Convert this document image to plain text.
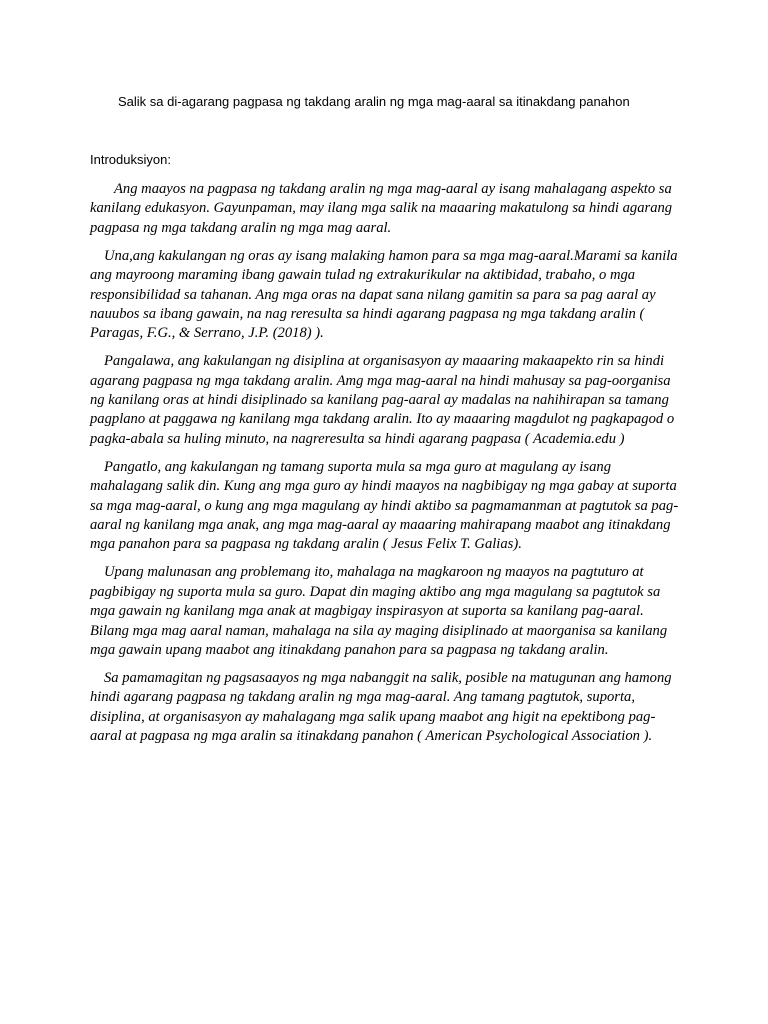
Salik sa di-agarang pagpasa ng takdang aralin ng mga mag-aaral sa itinakdang panahon
Introduksiyon:

Ang maayos na pagpasa ng takdang aralin ng mga mag-aaral ay isang mahalagang aspekto sa kanilang edukasyon. Gayunpaman, may ilang mga salik na maaaring makatulong sa hindi agarang pagpasa ng mga takdang aralin ng mga mag aaral.

Una,ang kakulangan ng oras ay isang malaking hamon para sa mga mag-aaral.Marami sa kanila ang mayroong maraming ibang gawain tulad ng extrakurikular na aktibidad, trabaho, o mga responsibilidad sa tahanan. Ang mga oras na dapat sana nilang gamitin sa para sa pag aaral ay nauubos sa ibang gawain, na nag reresulta sa hindi agarang pagpasa ng mga takdang aralin ( Paragas, F.G., & Serrano, J.P. (2018) ).

Pangalawa, ang kakulangan ng disiplina at organisasyon ay maaaring makaapekto rin sa hindi agarang pagpasa ng mga takdang aralin. Amg mga mag-aaral na hindi mahusay sa pag-oorganisa ng kanilang oras at hindi disiplinado sa kanilang pag-aaral ay madalas na nahihirapan sa tamang pagplano at paggawa ng kanilang mga takdang aralin. Ito ay maaaring magdulot ng pagkapagod o pagka-abala sa huling minuto, na nagreresulta sa hindi agarang pagpasa ( Academia.edu )

Pangatlo, ang kakulangan ng tamang suporta mula sa mga guro at magulang ay isang mahalagang salik din. Kung ang mga guro ay hindi maayos na nagbibigay ng mga gabay at suporta sa mga mag-aaral, o kung ang mga magulang ay hindi aktibo sa pagmamanman at pagtutok sa pag-aaral ng kanilang mga anak, ang mga mag-aaral ay maaaring mahirapang maabot ang itinakdang mga panahon para sa pagpasa ng takdang aralin ( Jesus Felix T. Galias).

Upang malunasan ang problemang ito, mahalaga na magkaroon ng maayos na pagtuturo at pagbibigay ng suporta mula sa guro. Dapat din maging aktibo ang mga magulang sa pagtutok sa mga gawain ng kanilang mga anak at magbigay inspirasyon at suporta sa kanilang pag-aaral. Bilang mga mag aaral naman, mahalaga na sila ay maging disiplinado at maorganisa sa kanilang mga gawain upang maabot ang itinakdang panahon para sa pagpasa ng takdang aralin.

Sa pamamagitan ng pagsasaayos ng mga nabanggit na salik, posible na matugunan ang hamong hindi agarang pagpasa ng takdang aralin ng mga mag-aaral. Ang tamang pagtutok, suporta, disiplina, at organisasyon ay mahalagang mga salik upang maabot ang higit na epektibong pag-aaral at pagpasa ng mga aralin sa itinakdang panahon ( American Psychological Association ).
